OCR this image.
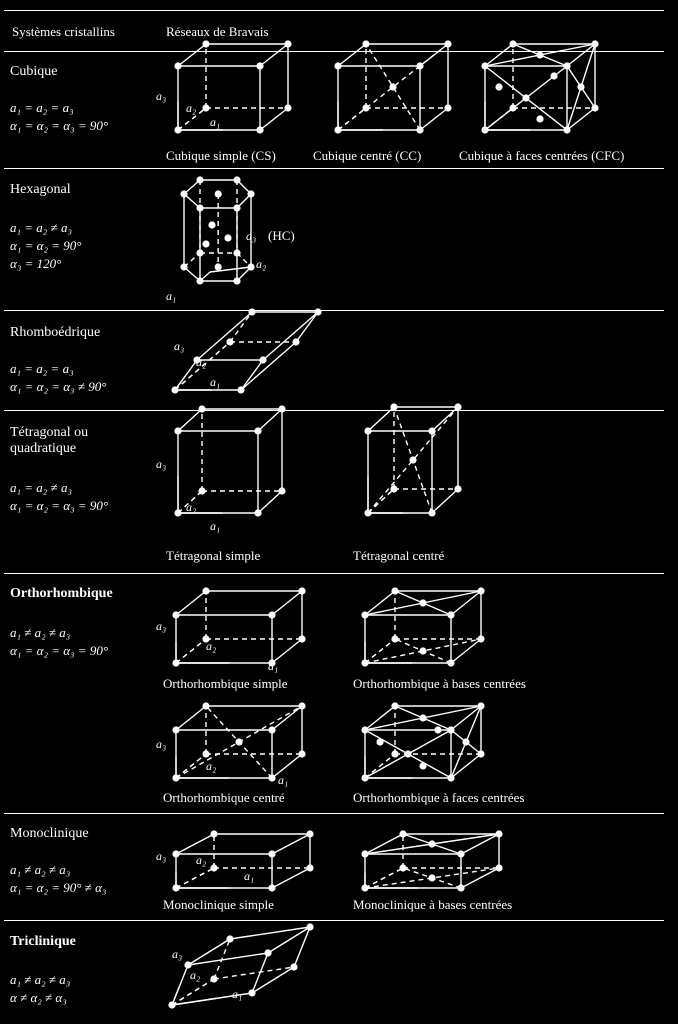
Systèmes cristallins	Réseaux de Bravais
Cubique
a₁ = a₂ = a₃
α₁ = α₂ = α₃ = 90°
Cubique simple (CS)	Cubique centré (CC)	Cubique à faces centrées (CFC)
Hexagonal
a₁ = a₂ ≠ a₃
α₁ = α₂ = 90°
α₃ = 120°
(HC)
Rhomboédrique
a₁ = a₂ = a₃
α₁ = α₂ = α₃ ≠ 90°
Tétragonal ou
quadratique
a₁ = a₂ ≠ a₃
α₁ = α₂ = α₃ = 90°
Tétragonal simple	Tétragonal centré
Orthorhombique
a₁ ≠ a₂ ≠ a₃
α₁ = α₂ = α₃ = 90°
Orthorhombique simple	Orthorhombique à bases centrées
Orthorhombique centré	Orthorhombique à faces centrées
Monoclinique
a₁ ≠ a₂ ≠ a₃
α₁ = α₂ = 90° ≠ α₃
Monoclinique simple	Monoclinique à bases centrées
Triclinique
a₁ ≠ a₂ ≠ a₃
α ≠ α₂ ≠ α₃
a₃
a₂
a₁
a₃
a₂
a₁
a₃
a₂
a₁
a₃
a₂
a₁
a₃
a₂
a₁
a₃
a₂
a₁
a₃ a₂
a₁
a₃
a₂
a₁
